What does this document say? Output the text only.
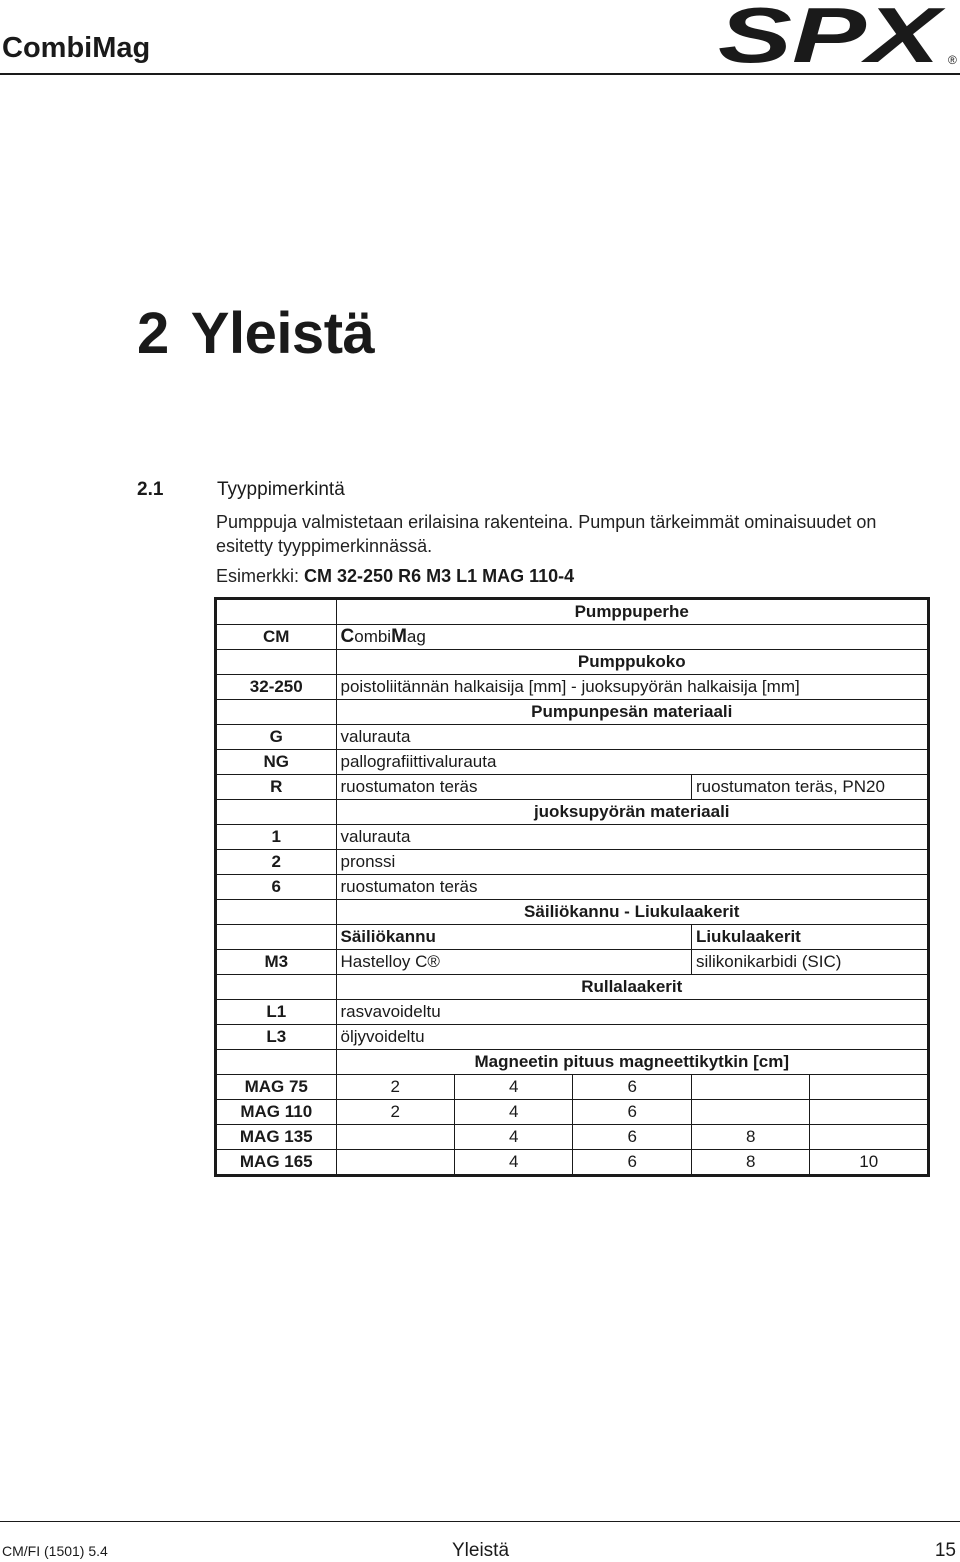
CombiMag	SPX ®
2 Yleistä
2.1	Tyyppimerkintä
Pumppuja valmistetaan erilaisina rakenteina. Pumpun tärkeimmät ominaisuudet on esitetty tyyppimerkinnässä.
Esimerkki: CM 32-250 R6 M3 L1 MAG 110-4
	Pumppuperhe				
CM	CombiMag				
	Pumppukoko				
32-250	poistoliitännän halkaisija [mm] - juoksupyörän halkaisija [mm]				
	Pumpunpesän materiaali				
G	valurauta				
NG	pallografiittivalurauta				
R	ruostumaton teräs			ruostumaton teräs, PN20	
	juoksupyörän materiaali				
1	valurauta				
2	pronssi				
6	ruostumaton teräs				
	Säiliökannu - Liukulaakerit				
	Säiliökannu			Liukulaakerit	
M3	Hastelloy C®			silikonikarbidi (SIC)	
	Rullalaakerit				
L1	rasvavoideltu				
L3	öljyvoideltu				
	Magneetin pituus magneettikytkin [cm]				
MAG 75	2	4	6		
MAG 110	2	4	6		
MAG 135		4	6	8	
MAG 165		4	6	8	10
CM/FI (1501) 5.4	Yleistä	15
